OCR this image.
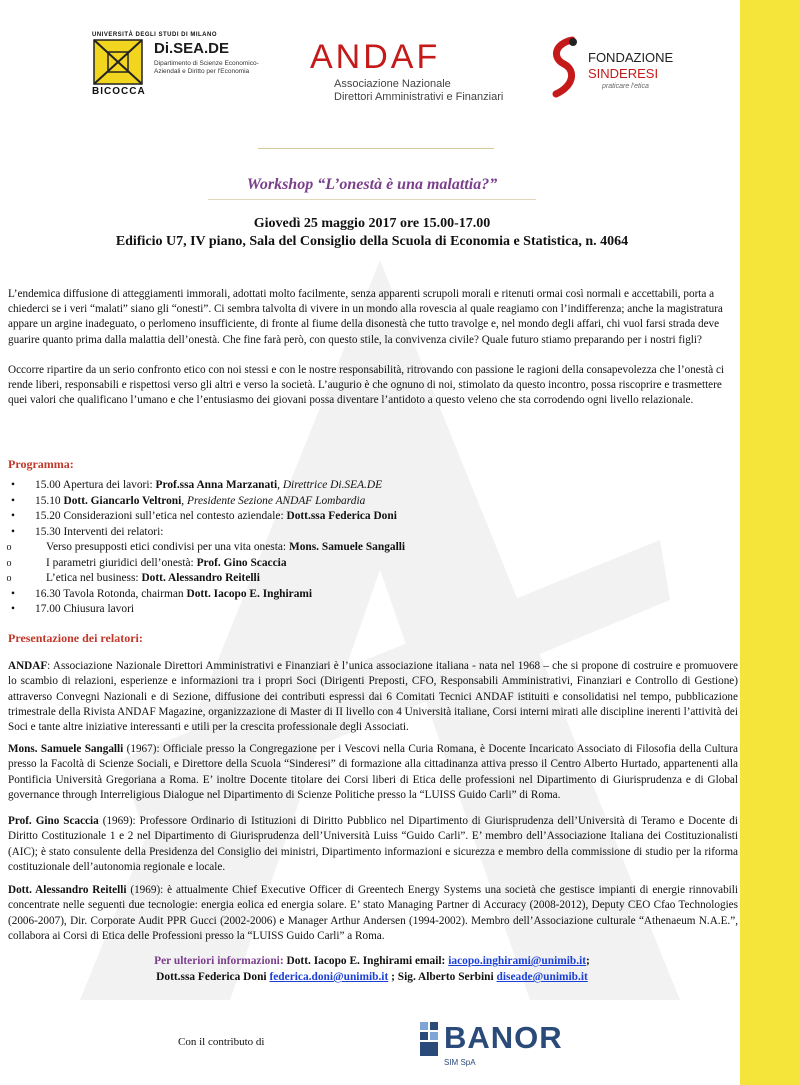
UNIVERSITÀ DEGLI STUDI DI MILANO
BICOCCA
Di.SEA.DE
Dipartimento di Scienze Economico-Aziendali e Diritto per l'Economia	ANDAF
Associazione Nazionale
Direttori Amministrativi e Finanziari
FONDAZIONE
SINDERESI
praticare l'etica
Workshop “L’onestà è una malattia?”
Giovedì 25 maggio 2017 ore 15.00-17.00
Edificio U7, IV piano, Sala del Consiglio della Scuola di Economia e Statistica, n. 4064

L’endemica diffusione di atteggiamenti immorali, adottati molto facilmente, senza apparenti scrupoli morali e ritenuti ormai così normali e accettabili, porta a chiederci se i veri “malati” siano gli “onesti”. Ci sembra talvolta di vivere in un mondo alla rovescia al quale reagiamo con l’indifferenza; anche la magistratura appare un argine inadeguato, o perlomeno insufficiente, di fronte al fiume della disonestà che tutto travolge e, nel mondo degli affari, chi vuol farsi strada deve guarire quanto prima dalla malattia dell’onestà. Che fine farà però, con questo stile, la convivenza civile? Quale futuro stiamo preparando per i nostri figli?

Occorre ripartire da un serio confronto etico con noi stessi e con le nostre responsabilità, ritrovando con passione le ragioni della consapevolezza che l’onestà ci rende liberi, responsabili e rispettosi verso gli altri e verso la società. L’augurio è che ognuno di noi, stimolato da questo incontro, possa riscoprire e trasmettere quei valori che qualificano l’umano e che l’entusiasmo dei giovani possa diventare l’antidoto a questo veleno che sta corrodendo ogni livello relazionale.

Programma:
• 15.00 Apertura dei lavori: Prof.ssa Anna Marzanati, Direttrice Di.SEA.DE
• 15.10 Dott. Giancarlo Veltroni, Presidente Sezione ANDAF Lombardia
• 15.20 Considerazioni sull’etica nel contesto aziendale: Dott.ssa Federica Doni
• 15.30 Interventi dei relatori:
o	Verso presupposti etici condivisi per una vita onesta: Mons. Samuele Sangalli
o	I parametri giuridici dell’onestà: Prof. Gino Scaccia
o	L’etica nel business: Dott. Alessandro Reitelli
• 16.30 Tavola Rotonda, chairman Dott. Iacopo E. Inghirami
• 17.00 Chiusura lavori
Presentazione dei relatori:

ANDAF: Associazione Nazionale Direttori Amministrativi e Finanziari è l’unica associazione italiana - nata nel 1968 – che si propone di costruire e promuovere lo scambio di relazioni, esperienze e informazioni tra i propri Soci (Dirigenti Preposti, CFO, Responsabili Amministrativi, Finanziari e Controllo di Gestione) attraverso Convegni Nazionali e di Sezione, diffusione dei contributi espressi dai 6 Comitati Tecnici ANDAF istituiti e consolidatisi nel tempo, pubblicazione trimestrale della Rivista ANDAF Magazine, organizzazione di Master di II livello con 4 Università italiane, Corsi interni mirati alle discipline inerenti l’attività dei Soci e tante altre iniziative interessanti e utili per la crescita professionale degli Associati.

Mons. Samuele Sangalli (1967): Officiale presso la Congregazione per i Vescovi nella Curia Romana, è Docente Incaricato Associato di Filosofia della Cultura presso la Facoltà di Scienze Sociali, e Direttore della Scuola “Sinderesi” di formazione alla cittadinanza attiva presso il Centro Alberto Hurtado, appartenenti alla Pontificia Università Gregoriana a Roma. E’ inoltre Docente titolare dei Corsi liberi di Etica delle professioni nel Dipartimento di Giurisprudenza e di Global governance through Interreligious Dialogue nel Dipartimento di Scienze Politiche presso la “LUISS Guido Carli” di Roma.

Prof. Gino Scaccia (1969): Professore Ordinario di Istituzioni di Diritto Pubblico nel Dipartimento di Giurisprudenza dell’Università di Teramo e Docente di Diritto Costituzionale 1 e 2 nel Dipartimento di Giurisprudenza dell’Università Luiss “Guido Carli”. E’ membro dell’Associazione Italiana dei Costituzionalisti (AIC); è stato consulente della Presidenza del Consiglio dei ministri, Dipartimento informazioni e sicurezza e membro della commissione di studio per la riforma costituzionale dell’autonomia regionale e locale.

Dott. Alessandro Reitelli (1969): è attualmente Chief Executive Officer di Greentech Energy Systems una società che gestisce impianti di energie rinnovabili concentrate nelle seguenti due tecnologie: energia eolica ed energia solare. E’ stato Managing Partner di Accuracy (2008-2012), Deputy CEO Cfao Technologies (2006-2007), Dir. Corporate Audit PPR Gucci (2002-2006) e Manager Arthur Andersen (1994-2002). Membro dell’Associazione culturale “Athenaeum N.A.E.”, collabora ai Corsi di Etica delle Professioni presso la “LUISS Guido Carli” a Roma.

Per ulteriori informazioni: Dott. Iacopo E. Inghirami email: iacopo.inghirami@unimib.it;
Dott.ssa Federica Doni federica.doni@unimib.it ; Sig. Alberto Serbini diseade@unimib.it
Con il contributo di	BANOR
SIM SpA
